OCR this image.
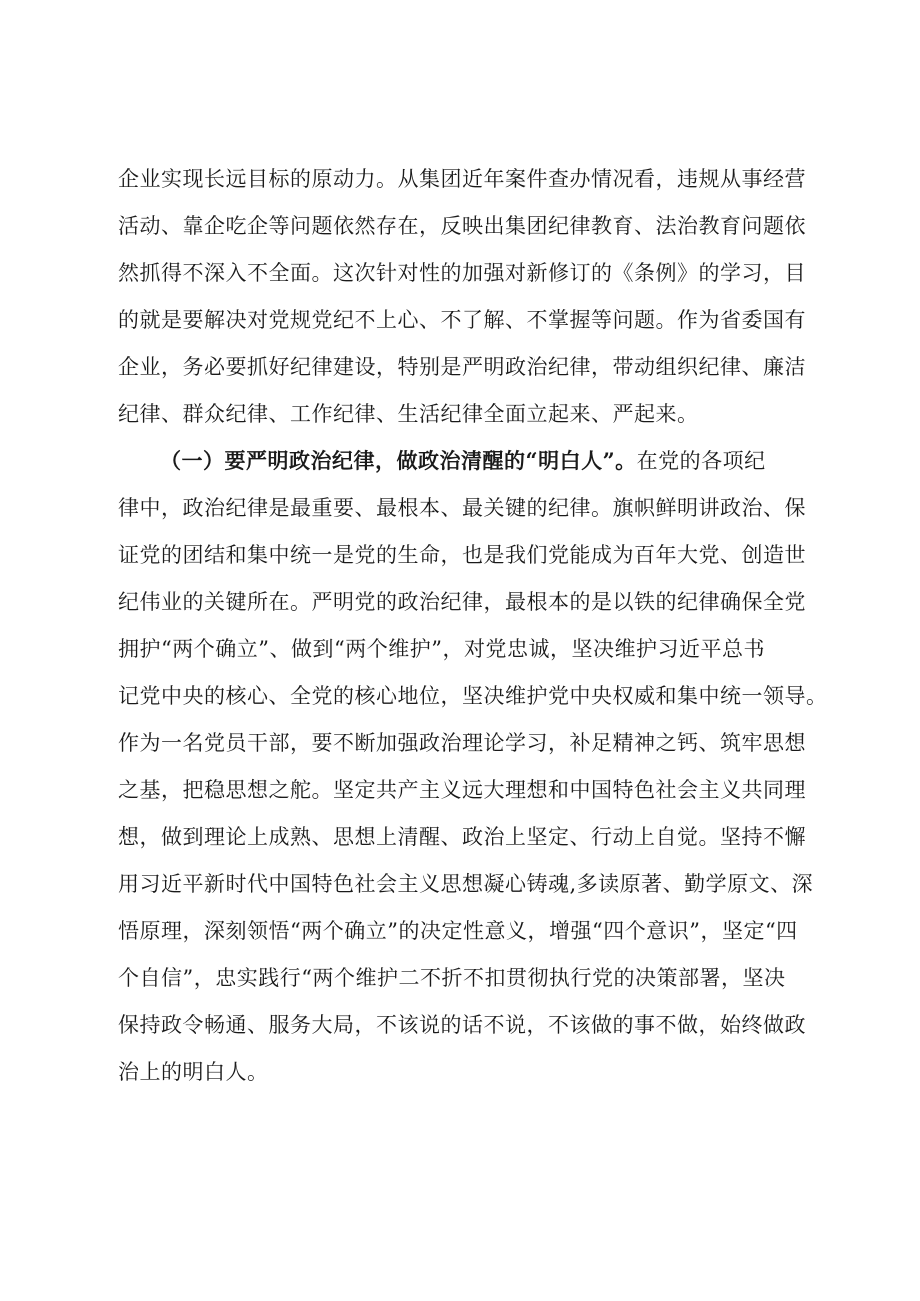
企业实现长远目标的原动力。从集团近年案件查办情况看，违规从事经营
活动、靠企吃企等问题依然存在，反映出集团纪律教育、法治教育问题依
然抓得不深入不全面。这次针对性的加强对新修订的《条例》的学习，目
的就是要解决对党规党纪不上心、不了解、不掌握等问题。作为省委国有
企业，务必要抓好纪律建设，特别是严明政治纪律，带动组织纪律、廉洁
纪律、群众纪律、工作纪律、生活纪律全面立起来、严起来。
（一）要严明政治纪律，做政治清醒的“明白人”。在党的各项纪
律中，政治纪律是最重要、最根本、最关键的纪律。旗帜鲜明讲政治、保
证党的团结和集中统一是党的生命，也是我们党能成为百年大党、创造世
纪伟业的关键所在。严明党的政治纪律，最根本的是以铁的纪律确保全党
拥护“两个确立”、做到“两个维护”，对党忠诚，坚决维护习近平总书
记党中央的核心、全党的核心地位，坚决维护党中央权威和集中统一领导。
作为一名党员干部，要不断加强政治理论学习，补足精神之钙、筑牢思想
之基，把稳思想之舵。坚定共产主义远大理想和中国特色社会主义共同理
想，做到理论上成熟、思想上清醒、政治上坚定、行动上自觉。坚持不懈
用习近平新时代中国特色社会主义思想凝心铸魂,多读原著、勤学原文、深
悟原理，深刻领悟“两个确立”的决定性意义，增强“四个意识”，坚定“四
个自信”，忠实践行“两个维护二不折不扣贯彻执行党的决策部署，坚决
保持政令畅通、服务大局，不该说的话不说，不该做的事不做，始终做政
治上的明白人。
